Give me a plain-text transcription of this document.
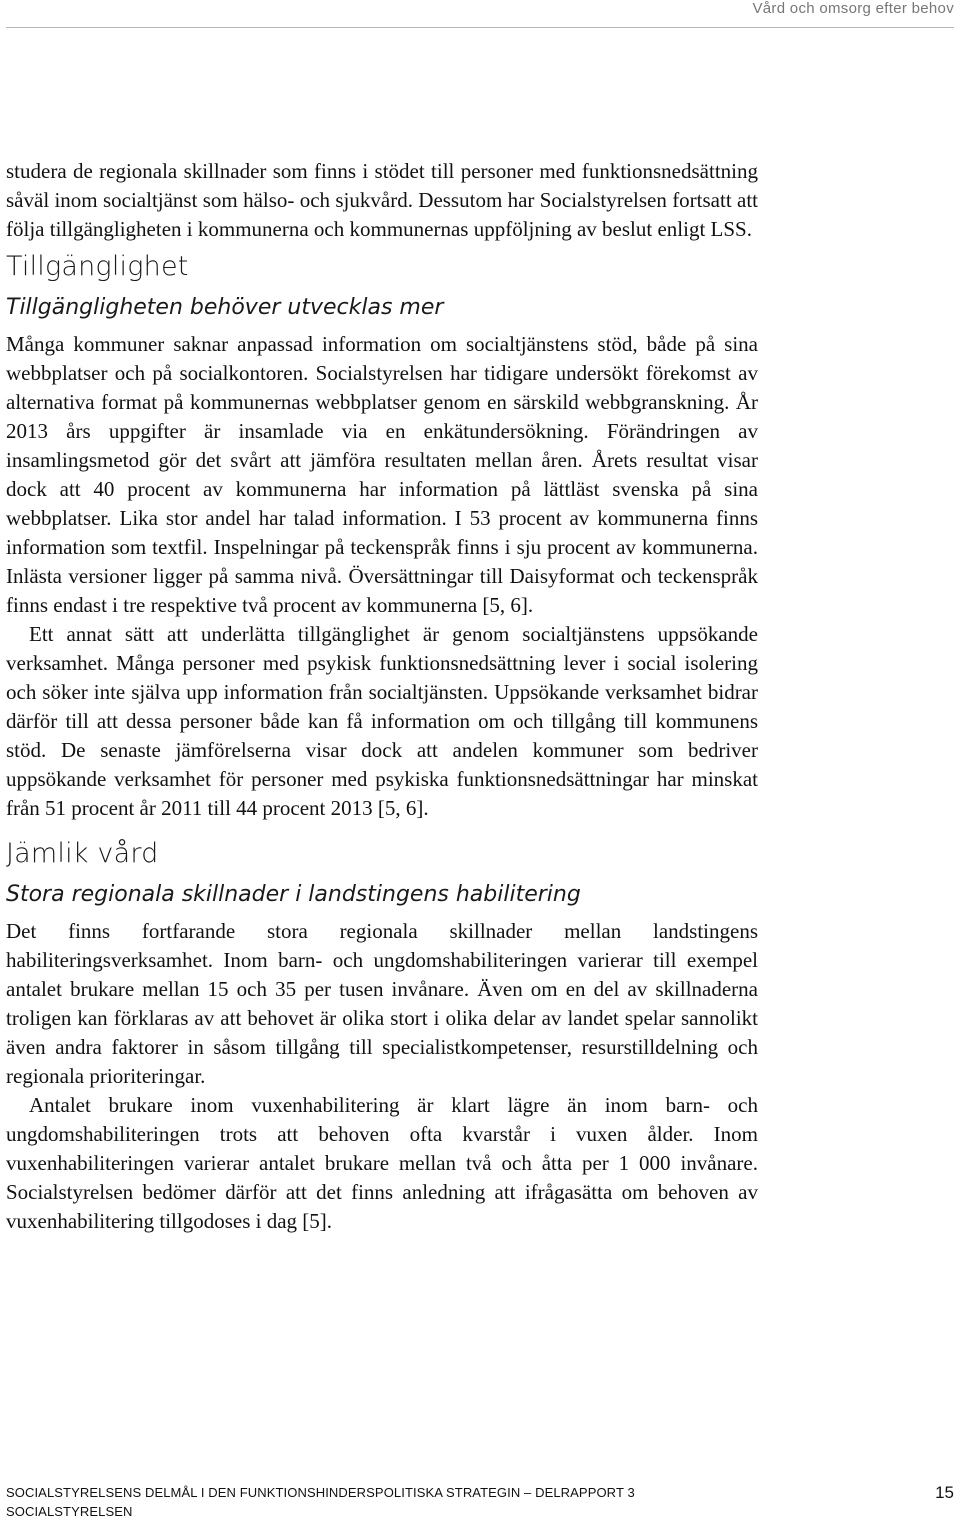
Vård och omsorg efter behov

studera de regionala skillnader som finns i stödet till personer med funktionsnedsättning såväl inom socialtjänst som hälso- och sjukvård. Dessutom har Socialstyrelsen fortsatt att följa tillgängligheten i kommunerna och kommunernas uppföljning av beslut enligt LSS.

Tillgänglighet
Tillgängligheten behöver utvecklas mer

Många kommuner saknar anpassad information om socialtjänstens stöd, både på sina webbplatser och på socialkontoren. Socialstyrelsen har tidigare undersökt förekomst av alternativa format på kommunernas webbplatser genom en särskild webbgranskning. År 2013 års uppgifter är insamlade via en enkätundersökning. Förändringen av insamlingsmetod gör det svårt att jämföra resultaten mellan åren. Årets resultat visar dock att 40 procent av kommunerna har information på lättläst svenska på sina webbplatser. Lika stor andel har talad information. I 53 procent av kommunerna finns information som textfil. Inspelningar på teckenspråk finns i sju procent av kommunerna. Inlästa versioner ligger på samma nivå. Översättningar till Daisyformat och teckenspråk finns endast i tre respektive två procent av kommunerna [5, 6].

Ett annat sätt att underlätta tillgänglighet är genom socialtjänstens uppsökande verksamhet. Många personer med psykisk funktionsnedsättning lever i social isolering och söker inte själva upp information från socialtjänsten. Uppsökande verksamhet bidrar därför till att dessa personer både kan få information om och tillgång till kommunens stöd. De senaste jämförelserna visar dock att andelen kommuner som bedriver uppsökande verksamhet för personer med psykiska funktionsnedsättningar har minskat från 51 procent år 2011 till 44 procent 2013 [5, 6].

Jämlik vård
Stora regionala skillnader i landstingens habilitering

Det finns fortfarande stora regionala skillnader mellan landstingens habiliteringsverksamhet. Inom barn- och ungdomshabiliteringen varierar till exempel antalet brukare mellan 15 och 35 per tusen invånare. Även om en del av skillnaderna troligen kan förklaras av att behovet är olika stort i olika delar av landet spelar sannolikt även andra faktorer in såsom tillgång till specialistkompetenser, resurstilldelning och regionala prioriteringar.

Antalet brukare inom vuxenhabilitering är klart lägre än inom barn- och ungdomshabiliteringen trots att behoven ofta kvarstår i vuxen ålder. Inom vuxenhabiliteringen varierar antalet brukare mellan två och åtta per 1 000 invånare. Socialstyrelsen bedömer därför att det finns anledning att ifrågasätta om behoven av vuxenhabilitering tillgodoses i dag [5].

SOCIALSTYRELSENS DELMÅL I DEN FUNKTIONSHINDERSPOLITISKA STRATEGIN – DELRAPPORT 3
SOCIALSTYRELSEN
15
